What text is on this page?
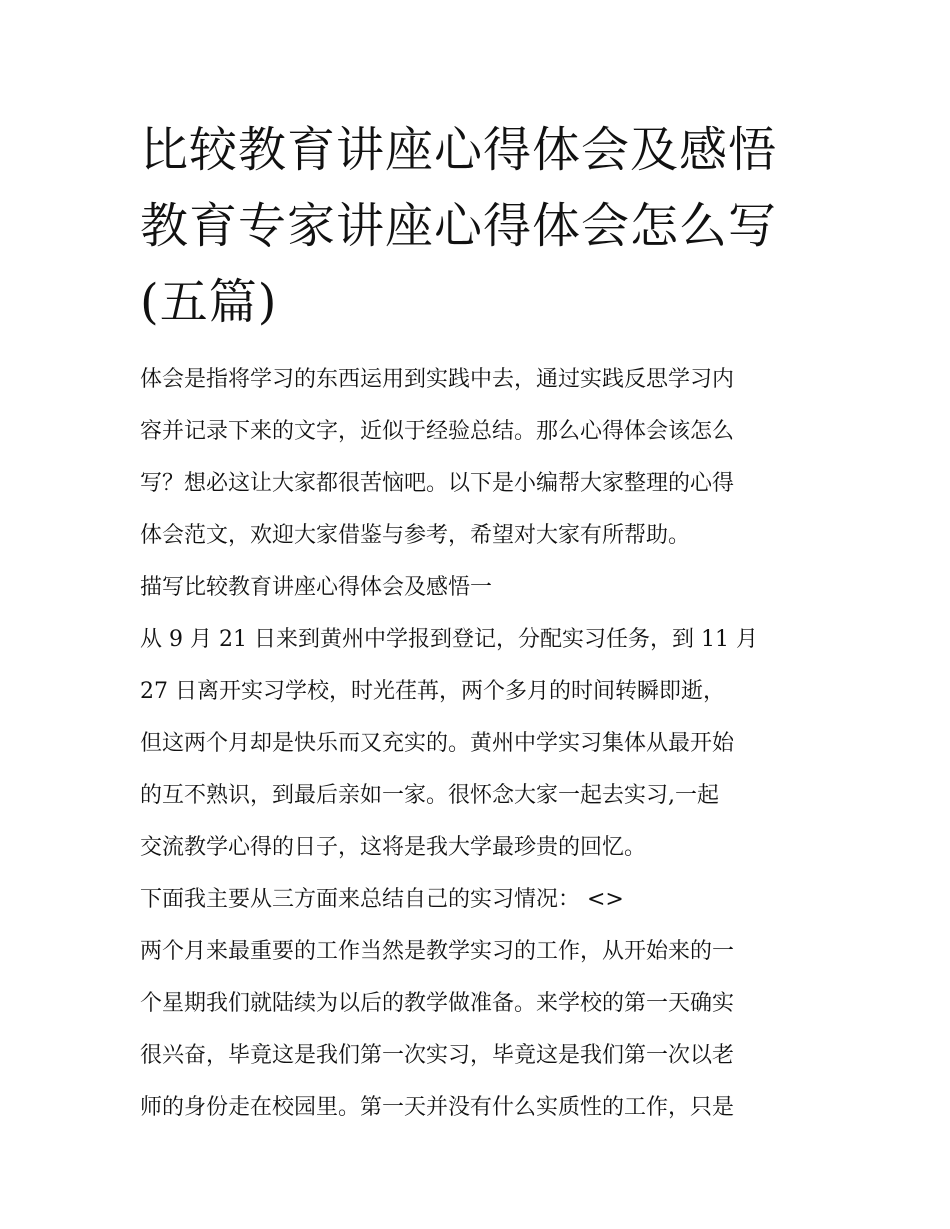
比较教育讲座心得体会及感悟
教育专家讲座心得体会怎么写
(五篇)
体会是指将学习的东西运用到实践中去，通过实践反思学习内
容并记录下来的文字，近似于经验总结。那么心得体会该怎么
写？想必这让大家都很苦恼吧。以下是小编帮大家整理的心得
体会范文，欢迎大家借鉴与参考，希望对大家有所帮助。
描写比较教育讲座心得体会及感悟一
从 9 月 21 日来到黄州中学报到登记，分配实习任务，到 11 月
27 日离开实习学校，时光荏苒，两个多月的时间转瞬即逝，
但这两个月却是快乐而又充实的。黄州中学实习集体从最开始
的互不熟识，到最后亲如一家。很怀念大家一起去实习,一起
交流教学心得的日子，这将是我大学最珍贵的回忆。
下面我主要从三方面来总结自己的实习情况： <>
两个月来最重要的工作当然是教学实习的工作，从开始来的一
个星期我们就陆续为以后的教学做准备。来学校的第一天确实
很兴奋，毕竟这是我们第一次实习，毕竟这是我们第一次以老
师的身份走在校园里。第一天并没有什么实质性的工作，只是
